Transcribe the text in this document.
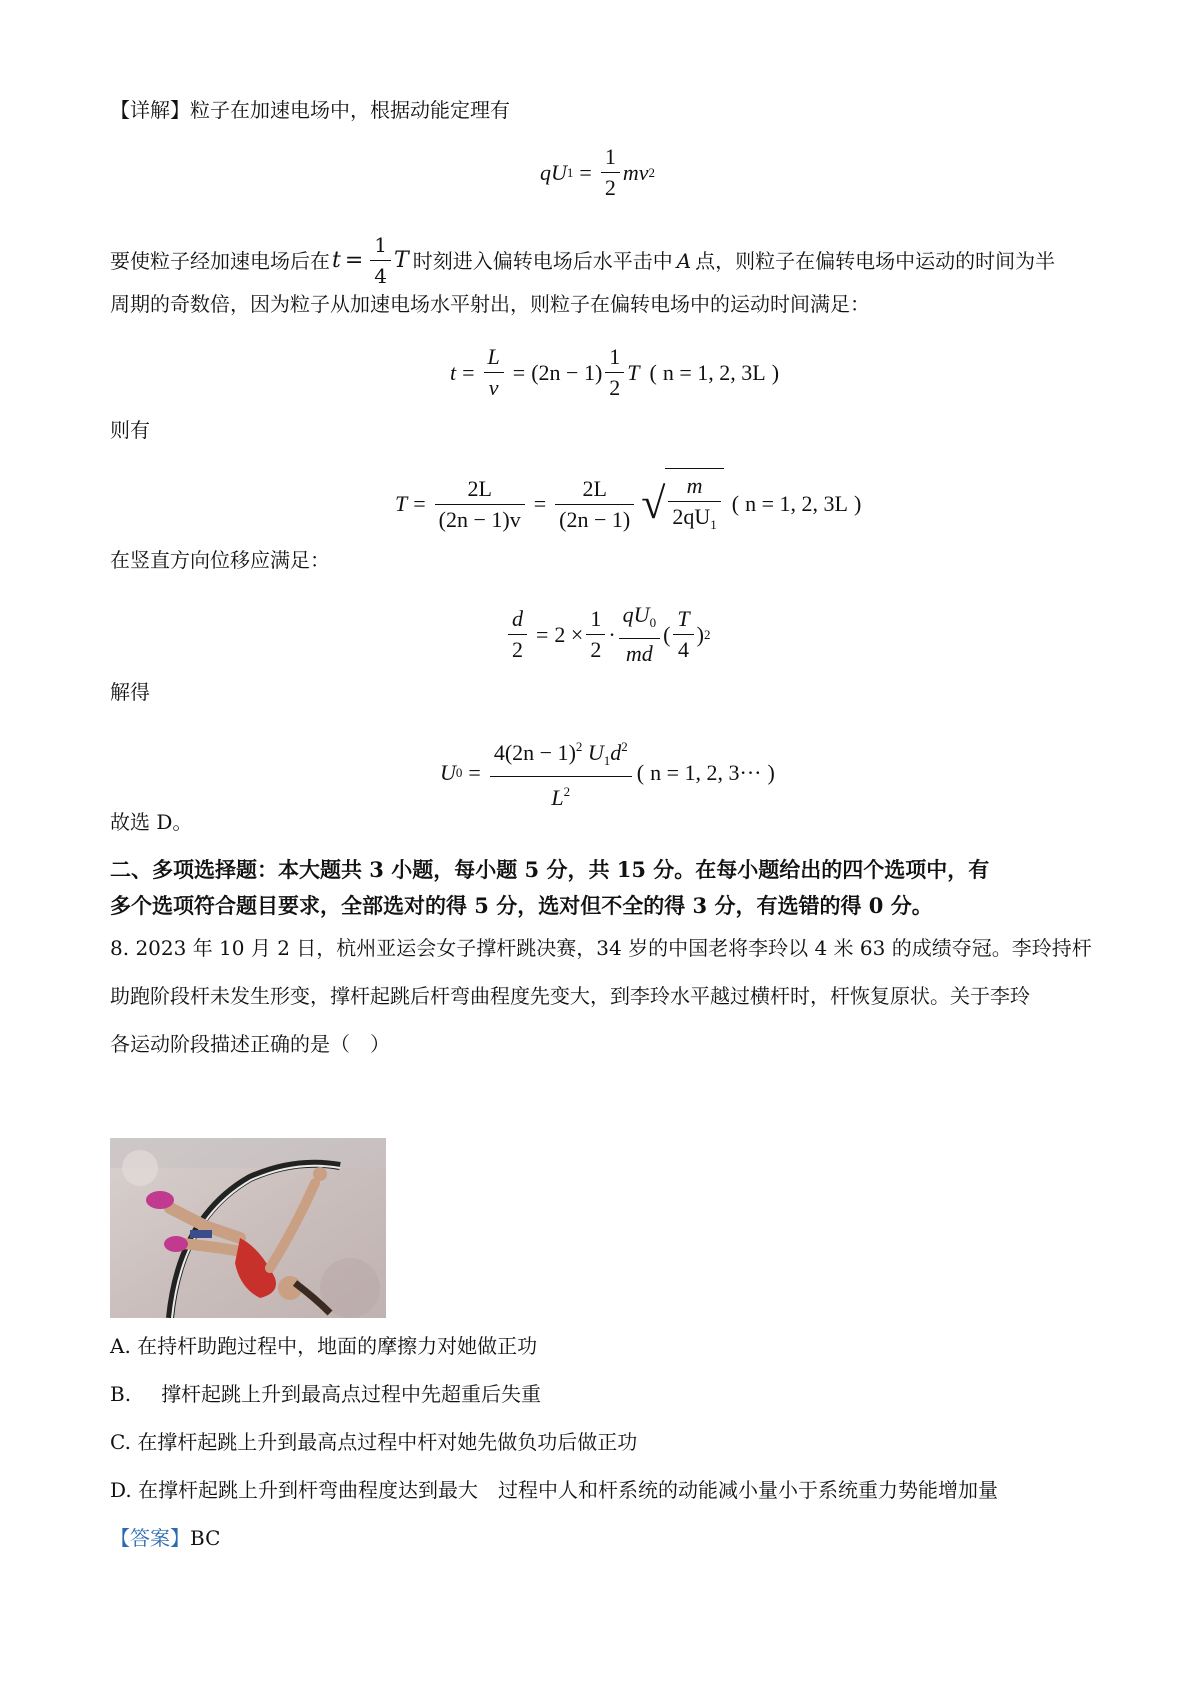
【详解】粒子在加速电场中，根据动能定理有
qU $1 = \frac{1}{2}$ mv 2
要使粒子经加速电场后在 $t = \frac{1}{4}$ T 时刻进入偏转电场后水平击中 A 点，则粒子在偏转电场中运动的时间为半
周期的奇数倍，因为粒子从加速电场水平射出，则粒子在偏转电场中的运动时间满足：
$t = \frac{L}{v} = (2n - 1)$
1
2
T ( n = 1, 2, 3L )
则有
$T = \frac{2L}{(2n - 1)v} = \frac{2L}{(2n - 1)}$ √ $\frac{m}{2qU_1}$ ( n = 1, 2, 3L )
在竖直方向位移应满足：
$\frac{d}{2} = 2 \times \frac{1}{2}$ ·
$qU_0$
md
(
T
4
) 2
解得
U $0 = \frac{4(2n - 1)^2 U_1d^2}{L^2}$ ( n = 1, 2, 3··· )
故选 D。
二、多项选择题：本大题共 3 小题，每小题 5 分，共 15 分。在每小题给出的四个选项中，有
多个选项符合题目要求，全部选对的得 5 分，选对但不全的得 3 分，有选错的得 0 分。
8. 2023 年 10 月 2 日，杭州亚运会女子撑杆跳决赛，34 岁的中国老将李玲以 4 米 63 的成绩夺冠。李玲持杆
助跑阶段杆未发生形变，撑杆起跳后杆弯曲程度先变大，到李玲水平越过横杆时，杆恢复原状。关于李玲
各运动阶段描述正确的是（　）
A. 在持杆助跑过程中，地面的摩擦力对她做正功
B. 撑杆起跳上升到最高点过程中先超重后失重
C. 在撑杆起跳上升到最高点过程中杆对她先做负功后做正功
D. 在撑杆起跳上升到杆弯曲程度达到最大　过程中人和杆系统的动能减小量小于系统重力势能增加量
【答案】BC
